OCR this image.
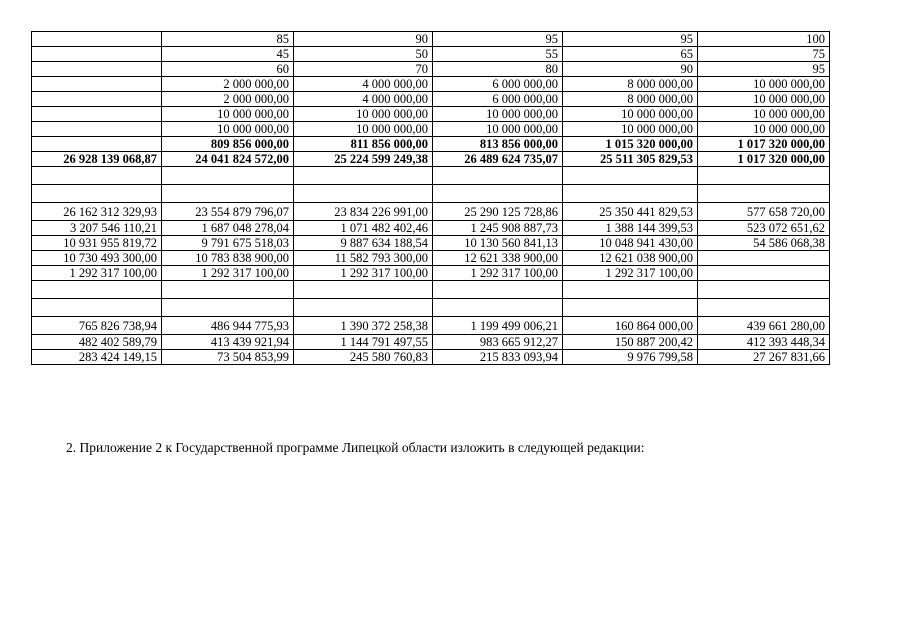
	85	90	95	95	100
	45	50	55	65	75
	60	70	80	90	95
	2 000 000,00	4 000 000,00	6 000 000,00	8 000 000,00	10 000 000,00
	2 000 000,00	4 000 000,00	6 000 000,00	8 000 000,00	10 000 000,00
	10 000 000,00	10 000 000,00	10 000 000,00	10 000 000,00	10 000 000,00
	10 000 000,00	10 000 000,00	10 000 000,00	10 000 000,00	10 000 000,00
	809 856 000,00	811 856 000,00	813 856 000,00	1 015 320 000,00	1 017 320 000,00
26 928 139 068,87	24 041 824 572,00	25 224 599 249,38	26 489 624 735,07	25 511 305 829,53	1 017 320 000,00

26 162 312 329,93	23 554 879 796,07	23 834 226 991,00	25 290 125 728,86	25 350 441 829,53	577 658 720,00
3 207 546 110,21	1 687 048 278,04	1 071 482 402,46	1 245 908 887,73	1 388 144 399,53	523 072 651,62
10 931 955 819,72	9 791 675 518,03	9 887 634 188,54	10 130 560 841,13	10 048 941 430,00	54 586 068,38
10 730 493 300,00	10 783 838 900,00	11 582 793 300,00	12 621 338 900,00	12 621 038 900,00	
1 292 317 100,00	1 292 317 100,00	1 292 317 100,00	1 292 317 100,00	1 292 317 100,00	

765 826 738,94	486 944 775,93	1 390 372 258,38	1 199 499 006,21	160 864 000,00	439 661 280,00
482 402 589,79	413 439 921,94	1 144 791 497,55	983 665 912,27	150 887 200,42	412 393 448,34
283 424 149,15	73 504 853,99	245 580 760,83	215 833 093,94	9 976 799,58	27 267 831,66
2. Приложение 2 к Государственной программе Липецкой области изложить в следующей редакции:
